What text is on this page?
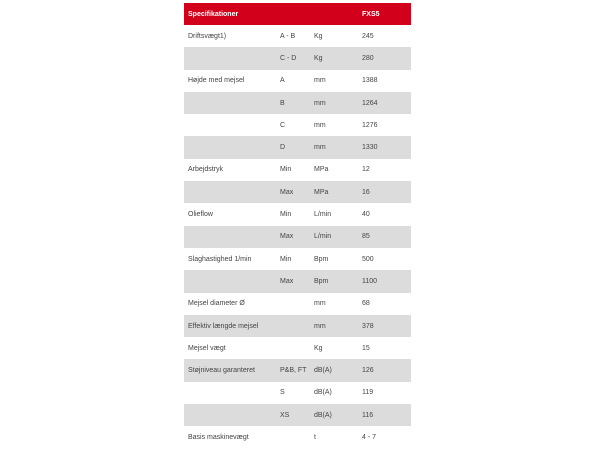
Specifikationer			FXS5
Driftsvægt1)	A - B	Kg	245
	C - D	Kg	280
Højde med mejsel	A	mm	1388
	B	mm	1264
	C	mm	1276
	D	mm	1330
Arbejdstryk	Min	MPa	12
	Max	MPa	16
Olieflow	Min	L/min	40
	Max	L/min	85
Slaghastighed 1/min	Min	Bpm	500
	Max	Bpm	1100
Mejsel diameter Ø		mm	68
Effektiv længde mejsel		mm	378
Mejsel vægt		Kg	15
Støjniveau garanteret	P&B, FT	dB(A)	126
	S	dB(A)	119
	XS	dB(A)	116
Basis maskinevægt		t	4 - 7
